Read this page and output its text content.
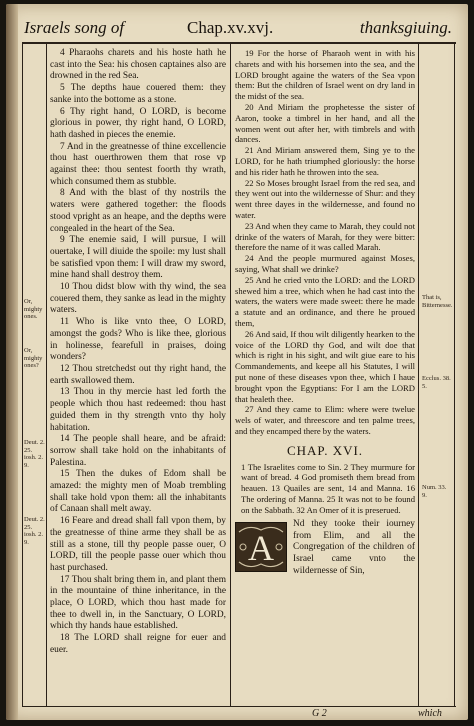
Israels song of	Chap.xv.xvj.	thanksgiuing.
Or, mighty ones.
Or, mighty ones?
Deut. 2. 25. iosh. 2. 9.
Deut. 2. 25. iosh. 2. 9.

4 Pharaohs charets and his hoste hath he cast into the Sea: his chosen captaines also are drowned in the red Sea.

5 The depths haue couered them: they sanke into the bottome as a stone.

6 Thy right hand, O LORD, is become glorious in power, thy right hand, O LORD, hath dashed in pieces the enemie.

7 And in the greatnesse of thine excellencie thou hast ouerthrowen them that rose vp against thee: thou sentest foorth thy wrath, which consumed them as stubble.

8 And with the blast of thy nostrils the waters were gathered together: the floods stood vpright as an heape, and the depths were congealed in the heart of the Sea.

9 The enemie said, I will pursue, I will ouertake, I will diuide the spoile: my lust shall be satisfied vpon them: I will draw my sword, mine hand shall destroy them.

10 Thou didst blow with thy wind, the sea couered them, they sanke as lead in the mighty waters.

11 Who is like vnto thee, O LORD, amongst the gods? Who is like thee, glorious in holinesse, fearefull in praises, doing wonders?

12 Thou stretchedst out thy right hand, the earth swallowed them.

13 Thou in thy mercie hast led forth the people which thou hast redeemed: thou hast guided them in thy strength vnto thy holy habitation.

14 The people shall heare, and be afraid: sorrow shall take hold on the inhabitants of Palestina.

15 Then the dukes of Edom shall be amazed: the mighty men of Moab trembling shall take hold vpon them: all the inhabitants of Canaan shall melt away.

16 Feare and dread shall fall vpon them, by the greatnesse of thine arme they shall be as still as a stone, till thy people passe ouer, O LORD, till the people passe ouer which thou hast purchased.

17 Thou shalt bring them in, and plant them in the mountaine of thine inheritance, in the place, O LORD, which thou hast made for thee to dwell in, in the Sanctuary, O LORD, which thy hands haue established.

18 The LORD shall reigne for euer and euer.

19 For the horse of Pharaoh went in with his charets and with his horsemen into the sea, and the LORD brought againe the waters of the Sea vpon them: But the children of Israel went on dry land in the midst of the sea.

20 And Miriam the prophetesse the sister of Aaron, tooke a timbrel in her hand, and all the women went out after her, with timbrels and with dances.

21 And Miriam answered them, Sing ye to the LORD, for he hath triumphed gloriously: the horse and his rider hath he throwen into the sea.

22 So Moses brought Israel from the red sea, and they went out into the wildernesse of Shur: and they went three dayes in the wildernesse, and found no water.

23 And when they came to Marah, they could not drinke of the waters of Marah, for they were bitter: therefore the name of it was called Marah.

24 And the people murmured against Moses, saying, What shall we drinke?

25 And he cried vnto the LORD: and the LORD shewed him a tree, which when he had cast into the waters, the waters were made sweet: there he made a statute and an ordinance, and there he proued them,

26 And said, If thou wilt diligently hearken to the voice of the LORD thy God, and wilt doe that which is right in his sight, and wilt giue eare to his Commandements, and keepe all his Statutes, I will put none of these diseases vpon thee, which I haue brought vpon the Egyptians: For I am the LORD that healeth thee.

27 And they came to Elim: where were twelue wels of water, and threescore and ten palme trees, and they encamped there by the waters.

CHAP. XVI.
1 The Israelites come to Sin. 2 They murmure for want of bread. 4 God promiseth them bread from heauen. 13 Quailes are sent, 14 and Manna. 16 The ordering of Manna. 25 It was not to be found on the Sabbath. 32 An Omer of it is preserued.
A
Nd they tooke their iourney from Elim, and all the Congregation of the children of Israel came vnto the wildernesse of Sin,
That is, Bitternesse.
Ecclus. 38. 5.
Num. 33. 9.
G 2	which
